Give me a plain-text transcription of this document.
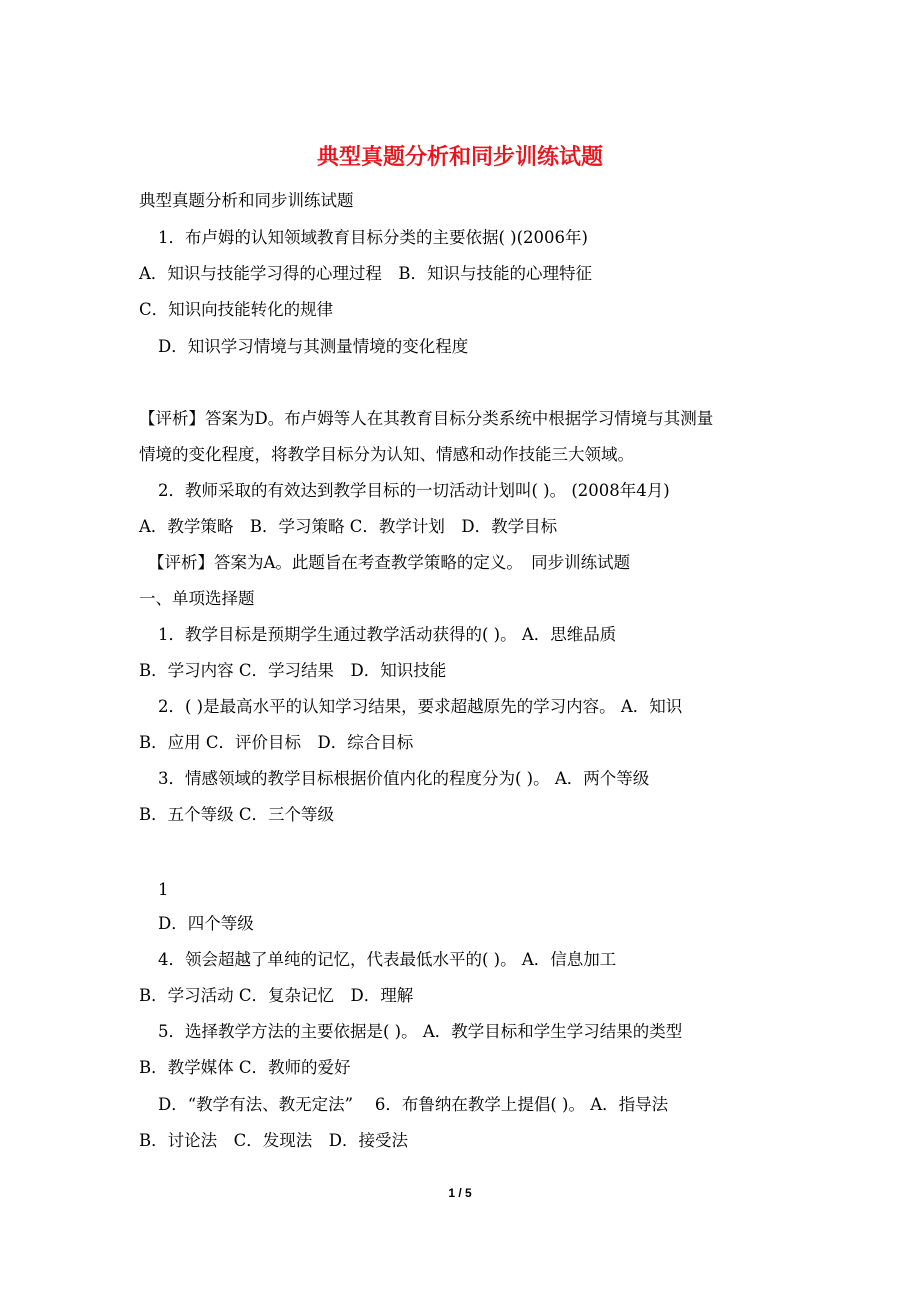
典型真题分析和同步训练试题
典型真题分析和同步训练试题
1．布卢姆的认知领域教育目标分类的主要依据( )(2006年)
A．知识与技能学习得的心理过程　B．知识与技能的心理特征
C．知识向技能转化的规律
D．知识学习情境与其测量情境的变化程度
【评析】答案为D。布卢姆等人在其教育目标分类系统中根据学习情境与其测量
情境的变化程度，将教学目标分为认知、情感和动作技能三大领域。
2．教师采取的有效达到教学目标的一切活动计划叫( )。 (2008年4月)
A．教学策略　B．学习策略 C．教学计划　D．教学目标
【评析】答案为A。此题旨在考查教学策略的定义。　同步训练试题
一、单项选择题
1．教学目标是预期学生通过教学活动获得的( )。 A．思维品质
B．学习内容 C．学习结果　D．知识技能
2．( )是最高水平的认知学习结果，要求超越原先的学习内容。 A．知识
B．应用 C．评价目标　D．综合目标
3．情感领域的教学目标根据价值内化的程度分为( )。 A．两个等级
B．五个等级 C．三个等级
1
D．四个等级
4．领会超越了单纯的记忆，代表最低水平的( )。 A．信息加工
B．学习活动 C．复杂记忆　D．理解
5．选择教学方法的主要依据是( )。 A．教学目标和学生学习结果的类型
B．教学媒体 C．教师的爱好
D．“教学有法、教无定法”　 6．布鲁纳在教学上提倡( )。 A．指导法
B．讨论法　C．发现法　D．接受法
1 / 5
